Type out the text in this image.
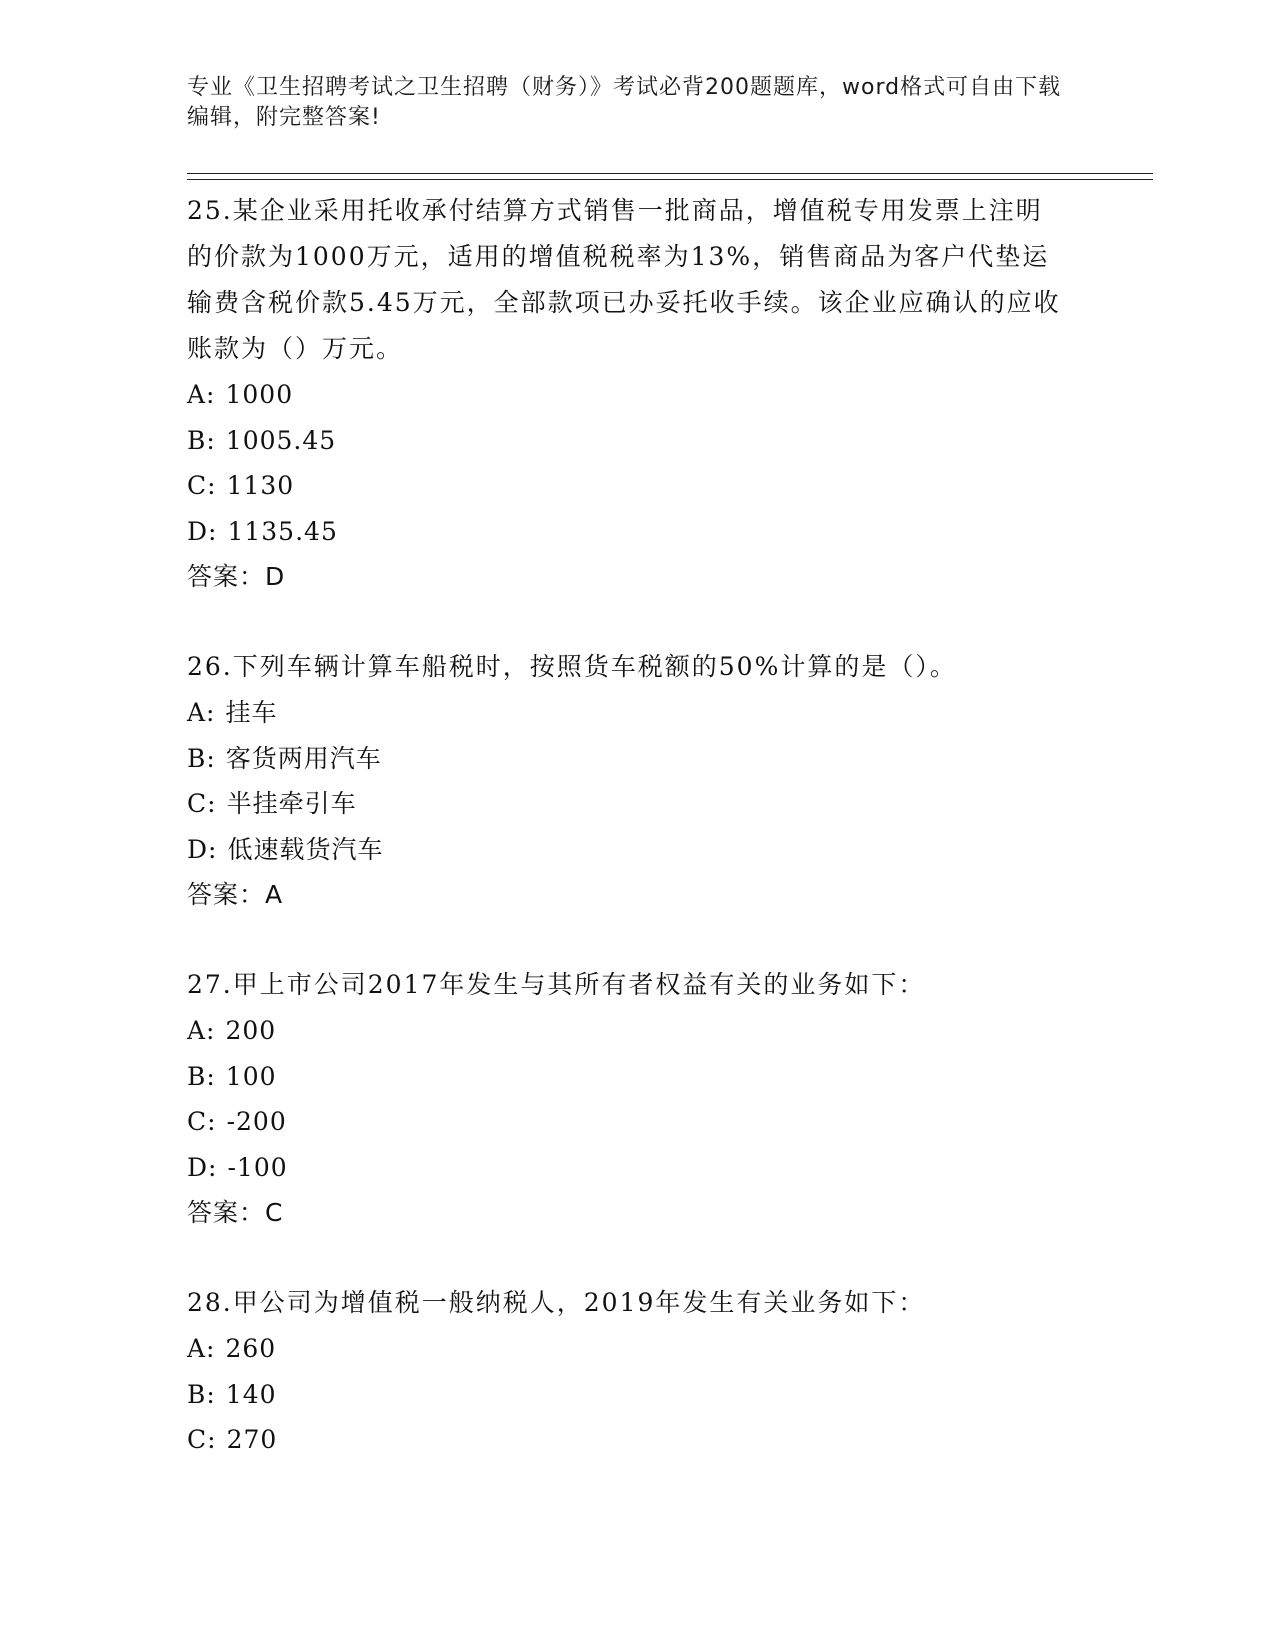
专业《卫生招聘考试之卫生招聘（财务）》考试必背200题题库，word格式可自由下载编辑，附完整答案!

25.某企业采用托收承付结算方式销售一批商品，增值税专用发票上注明的价款为1000万元，适用的增值税税率为13%，销售商品为客户代垫运输费含税价款5.45万元，全部款项已办妥托收手续。该企业应确认的应收账款为（）万元。

A: 1000

B: 1005.45

C: 1130

D: 1135.45

答案：D

26.下列车辆计算车船税时，按照货车税额的50%计算的是（）。

A: 挂车

B: 客货两用汽车

C: 半挂牵引车

D: 低速载货汽车

答案：A

27.甲上市公司2017年发生与其所有者权益有关的业务如下：

A: 200

B: 100

C: -200

D: -100

答案：C

28.甲公司为增值税一般纳税人，2019年发生有关业务如下：

A: 260

B: 140

C: 270
